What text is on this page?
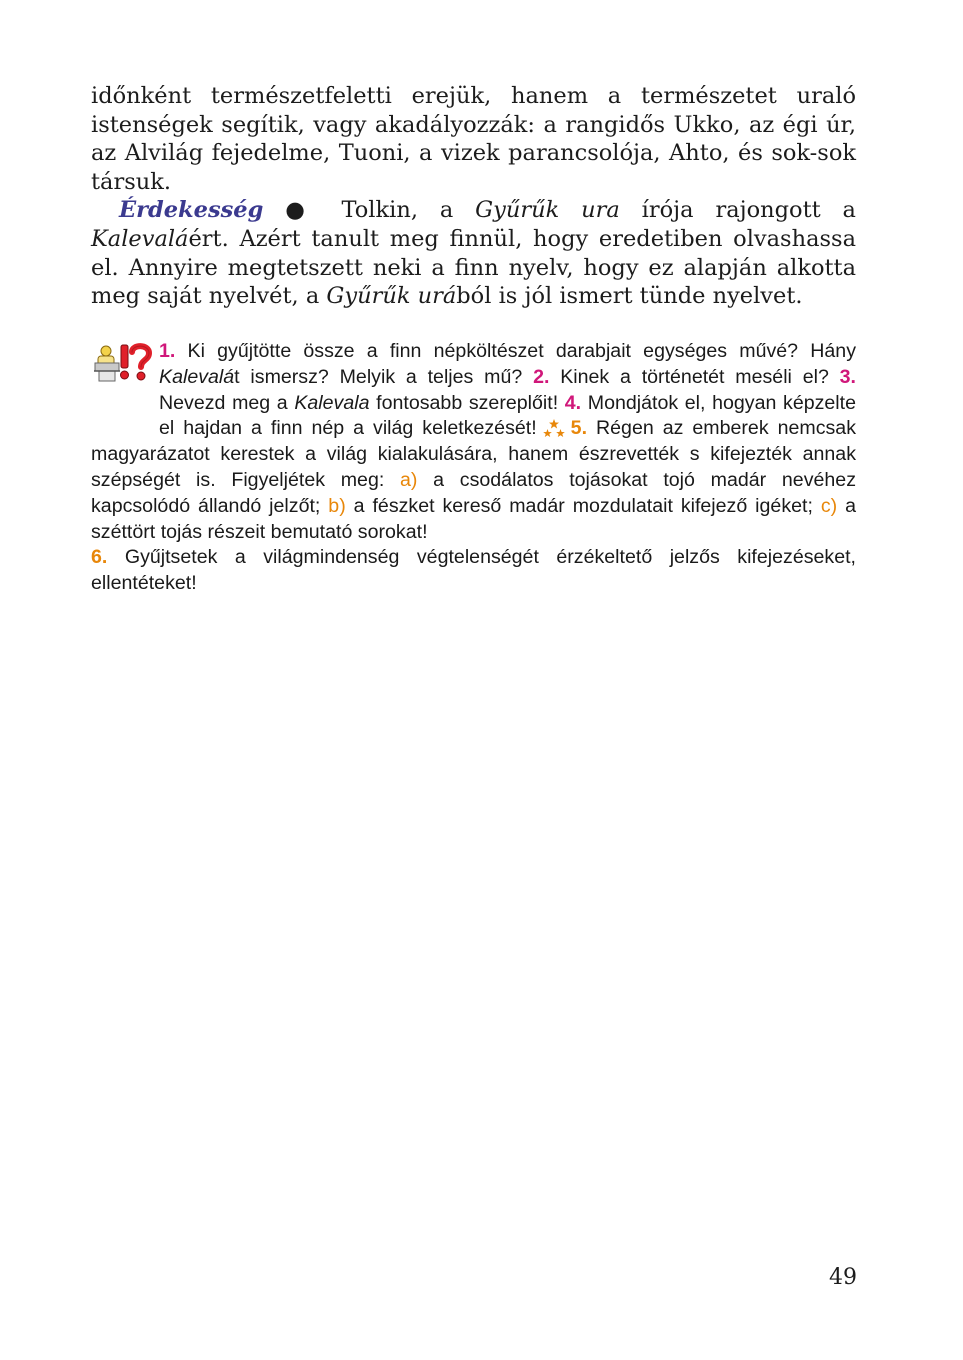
időnként természetfeletti erejük, hanem a természetet uraló istenségek segítik, vagy akadályozzák: a rangidős Ukko, az égi úr, az Alvilág fejedelme, Tuoni, a vizek parancsolója, Ahto, és sok-sok társuk.

Érdekesség ● Tolkin, a Gyűrűk ura írója rajongott a Kalevaláért. Azért tanult meg finnül, hogy eredetiben olvashassa el. Annyire megtetszett neki a finn nyelv, hogy ez alapján alkotta meg saját nyelvét, a Gyűrűk urából is jól ismert tünde nyelvet.

1. Ki gyűjtötte össze a finn népköltészet darabjait egységes művé? Hány Kalevalát ismersz? Melyik a teljes mű? 2. Kinek a történetét meséli el? 3. Nevezd meg a Kalevala fontosabb szereplőit! 4. Mondjátok el, hogyan képzelte el hajdan a finn nép a világ keletkezését! 5. Régen az emberek nemcsak magyarázatot kerestek a világ kialakulására, hanem észrevették s kifejezték annak szépségét is. Figyeljétek meg: a) a csodálatos tojásokat tojó madár nevéhez kapcsolódó állandó jelzőt; b) a fészket kereső madár mozdulatait kifejező igéket; c) a széttört tojás részeit bemutató sorokat!
6. Gyűjtsetek a világmindenség végtelenségét érzékeltető jelzős kifejezéseket, ellentéteket!

49
